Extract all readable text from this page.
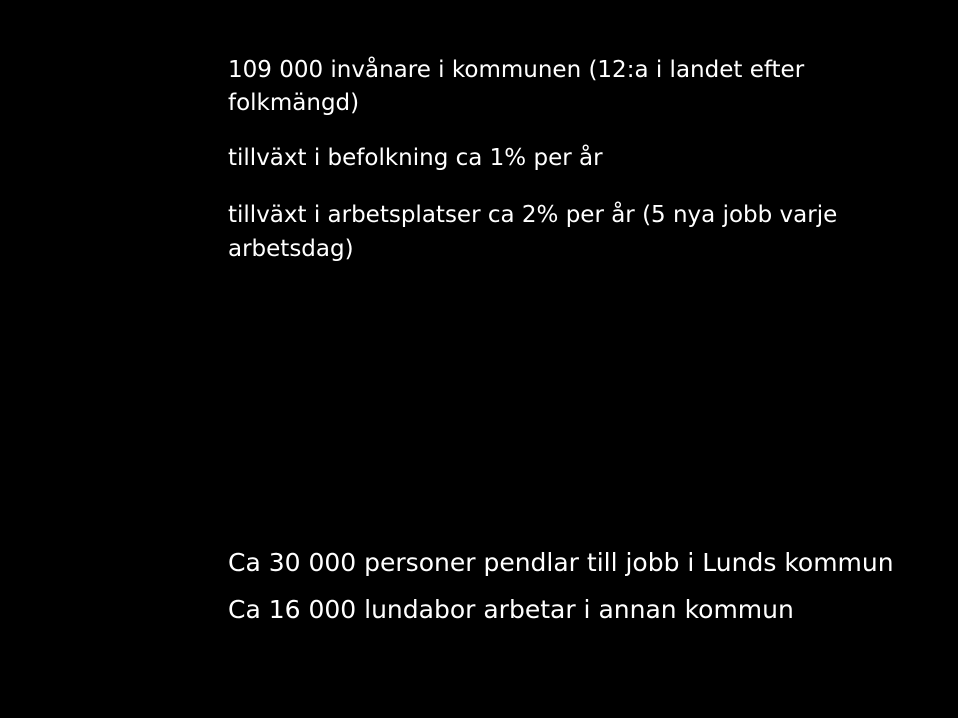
109 000 invånare i kommunen (12:a i landet efter

folkmängd)

tillväxt i befolkning ca 1% per år

tillväxt i arbetsplatser ca 2% per år (5 nya jobb varje

arbetsdag)

Ca 30 000 personer pendlar till jobb i Lunds kommun

Ca 16 000 lundabor arbetar i annan kommun
